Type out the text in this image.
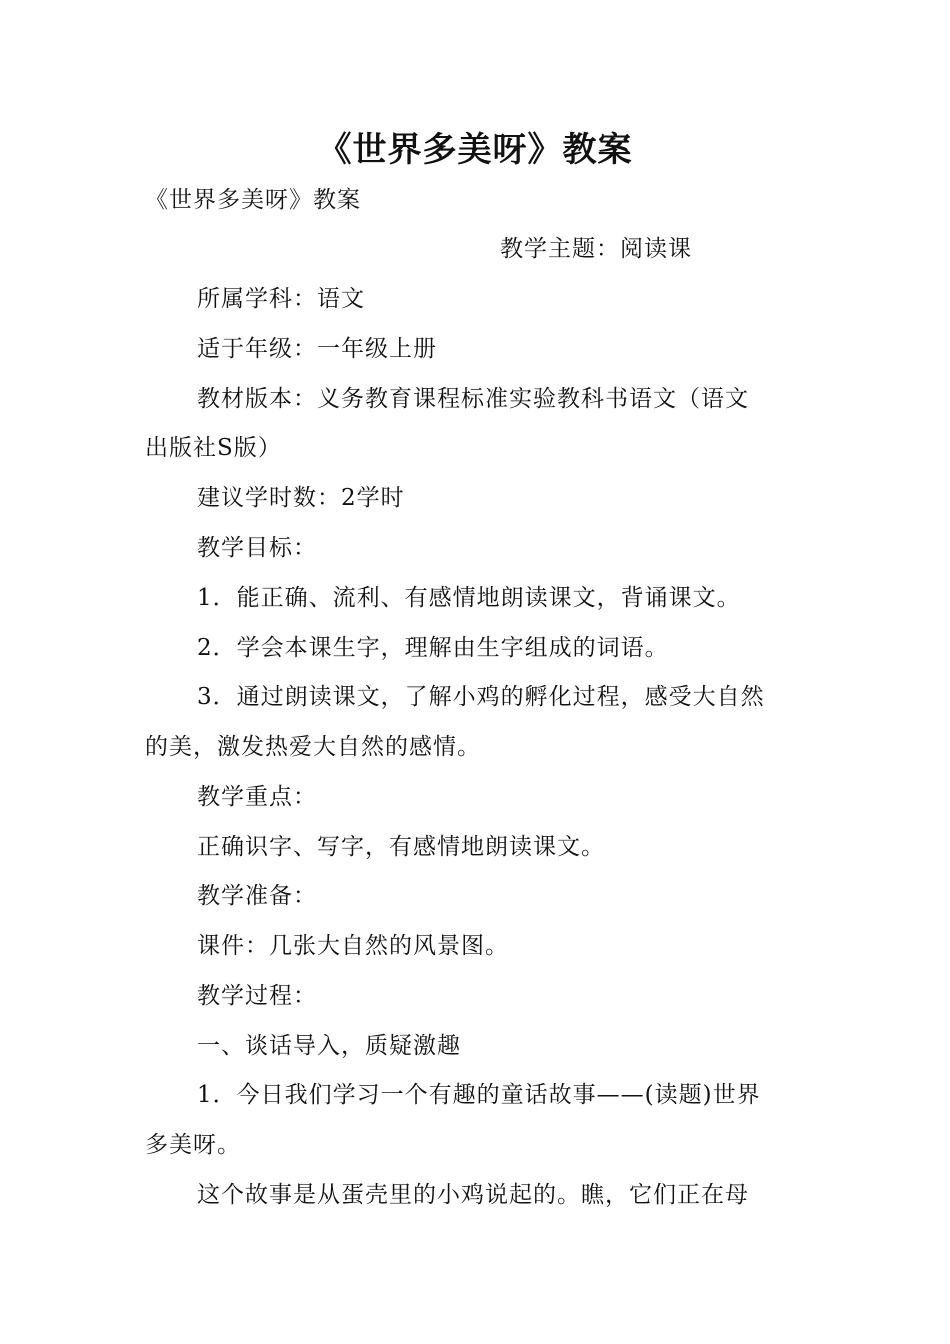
《世界多美呀》教案
《世界多美呀》教案
教学主题：阅读课
所属学科：语文
适于年级：一年级上册
教材版本：义务教育课程标准实验教科书语文（语文
出版社S版）
建议学时数：2学时
教学目标：
1．能正确、流利、有感情地朗读课文，背诵课文。
2．学会本课生字，理解由生字组成的词语。
3．通过朗读课文，了解小鸡的孵化过程，感受大自然
的美，激发热爱大自然的感情。
教学重点：
正确识字、写字，有感情地朗读课文。
教学准备：
课件：几张大自然的风景图。
教学过程：
一、谈话导入，质疑激趣
1．今日我们学习一个有趣的童话故事——(读题)世界
多美呀。
这个故事是从蛋壳里的小鸡说起的。瞧，它们正在母
